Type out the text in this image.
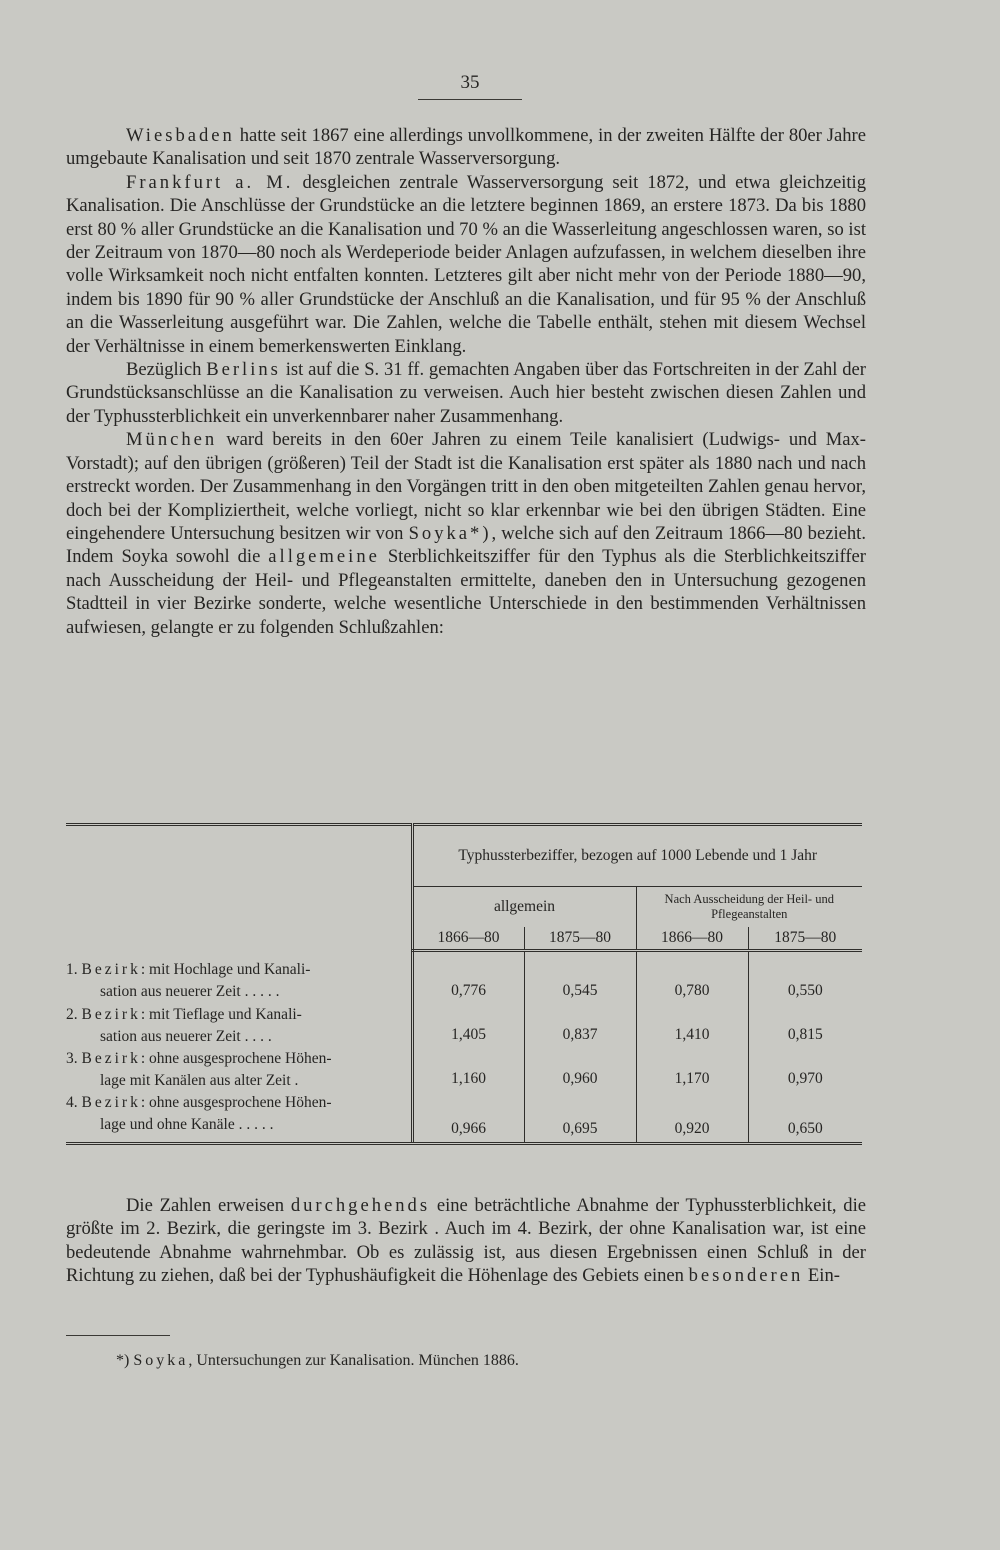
35

Wiesbaden hatte seit 1867 eine allerdings unvollkommene, in der zweiten Hälfte der 80er Jahre umgebaute Kanalisation und seit 1870 zentrale Wasserversorgung.

Frankfurt a. M. desgleichen zentrale Wasserversorgung seit 1872, und etwa gleichzeitig Kanalisation. Die Anschlüsse der Grundstücke an die letztere beginnen 1869, an erstere 1873. Da bis 1880 erst 80 % aller Grundstücke an die Kanalisation und 70 % an die Wasserleitung angeschlossen waren, so ist der Zeitraum von 1870—80 noch als Werdeperiode beider Anlagen aufzufassen, in welchem dieselben ihre volle Wirksamkeit noch nicht entfalten konnten. Letzteres gilt aber nicht mehr von der Periode 1880—90, indem bis 1890 für 90 % aller Grundstücke der Anschluß an die Kanalisation, und für 95 % der Anschluß an die Wasserleitung ausgeführt war. Die Zahlen, welche die Tabelle enthält, stehen mit diesem Wechsel der Verhältnisse in einem bemerkenswerten Einklang.

Bezüglich Berlins ist auf die S. 31 ff. gemachten Angaben über das Fortschreiten in der Zahl der Grundstücksanschlüsse an die Kanalisation zu verweisen. Auch hier besteht zwischen diesen Zahlen und der Typhussterblichkeit ein unverkennbarer naher Zusammenhang.

München ward bereits in den 60er Jahren zu einem Teile kanalisiert (Ludwigs- und Max-Vorstadt); auf den übrigen (größeren) Teil der Stadt ist die Kanalisation erst später als 1880 nach und nach erstreckt worden. Der Zusammenhang in den Vorgängen tritt in den oben mitgeteilten Zahlen genau hervor, doch bei der Kompliziertheit, welche vorliegt, nicht so klar erkennbar wie bei den übrigen Städten. Eine eingehendere Untersuchung besitzen wir von Soyka*), welche sich auf den Zeitraum 1866—80 bezieht. Indem Soyka sowohl die allgemeine Sterblichkeitsziffer für den Typhus als die Sterblichkeitsziffer nach Ausscheidung der Heil- und Pflegeanstalten ermittelte, daneben den in Untersuchung gezogenen Stadtteil in vier Bezirke sonderte, welche wesentliche Unterschiede in den bestimmenden Verhältnissen aufwiesen, gelangte er zu folgenden Schlußzahlen:

	Typhussterbeziffer, bezogen auf 1000 Lebende und 1 Jahr			
	allgemein		Nach Ausscheidung der Heil- und Pflegeanstalten	
	1866—80	1875—80	1866—80	1875—80
1. Bezirk: mit Hochlage und Kanali-
sation aus neuerer Zeit . . . . .	0,776	0,545	0,780	0,550
2. Bezirk: mit Tieflage und Kanali-
sation aus neuerer Zeit . . . .	1,405	0,837	1,410	0,815
3. Bezirk: ohne ausgesprochene Höhen-
lage mit Kanälen aus alter Zeit .	1,160	0,960	1,170	0,970
4. Bezirk: ohne ausgesprochene Höhen-
lage und ohne Kanäle . . . . .	0,966	0,695	0,920	0,650

Die Zahlen erweisen durchgehends eine beträchtliche Abnahme der Typhussterblichkeit, die größte im 2. Bezirk, die geringste im 3. Bezirk . Auch im 4. Bezirk, der ohne Kanalisation war, ist eine bedeutende Abnahme wahrnehmbar. Ob es zulässig ist, aus diesen Ergebnissen einen Schluß in der Richtung zu ziehen, daß bei der Typhushäufigkeit die Höhenlage des Gebiets einen besonderen Ein-

*) Soyka, Untersuchungen zur Kanalisation. München 1886.
